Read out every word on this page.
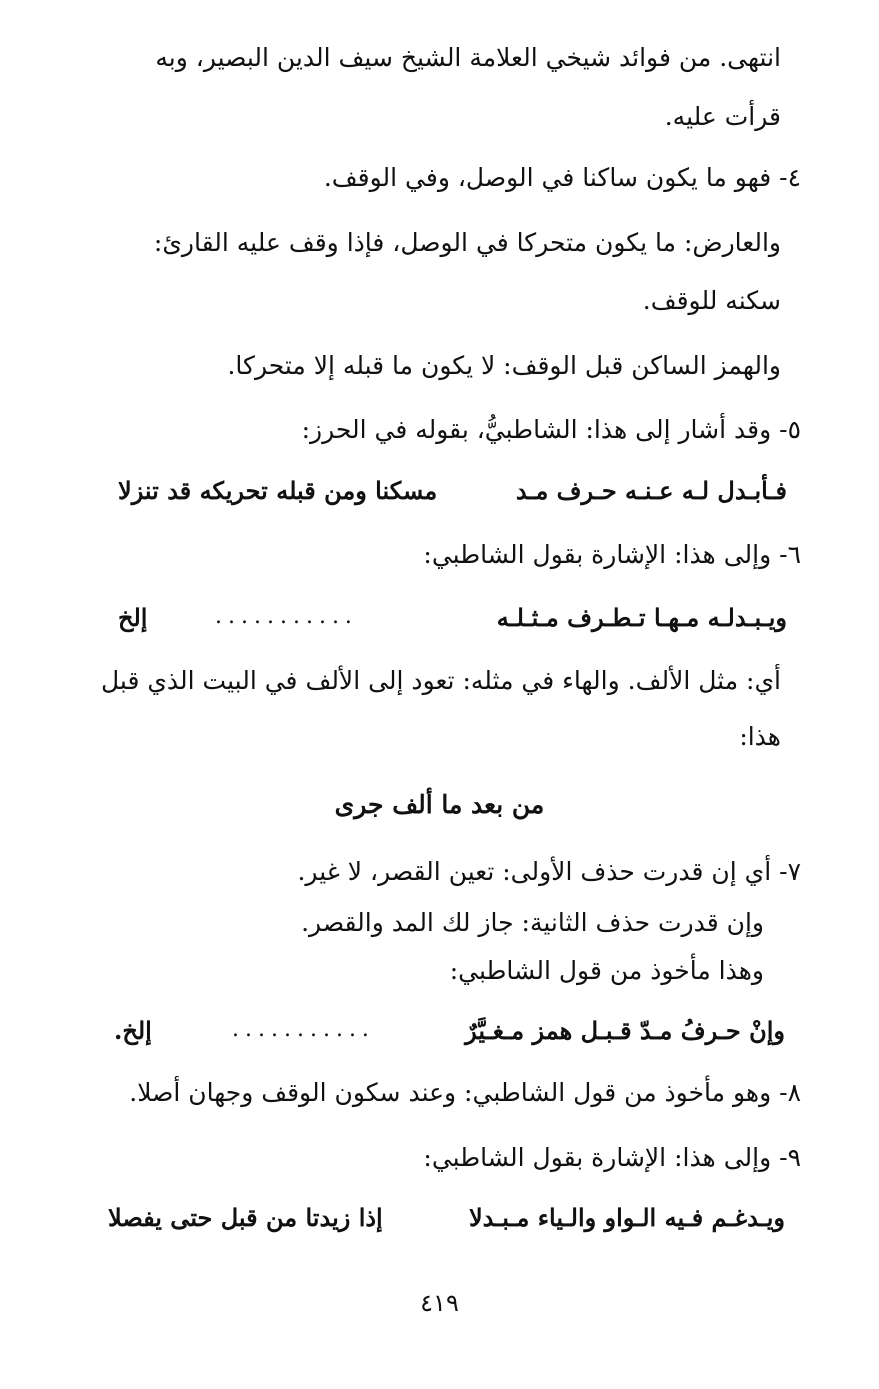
انتهى. من فوائد شيخي العلامة الشيخ سيف الدين البصير، وبه
قرأت عليه.
٤- فهو ما يكون ساكنا في الوصل، وفي الوقف.
والعارض: ما يكون متحركا في الوصل، فإذا وقف عليه القارئ:
سكنه للوقف.
والهمز الساكن قبل الوقف: لا يكون ما قبله إلا متحركا.
٥- وقد أشار إلى هذا: الشاطبيُّ، بقوله في الحرز:
فـأبـدل لـه عـنـه حـرف مـد
مسكنا ومن قبله تحريكه قد تنزلا
٦- وإلى هذا: الإشارة بقول الشاطبي:
ويـبـدلـه مـهـا تـطـرف مـثـلـه
...........
إلخ
أي: مثل الألف. والهاء في مثله: تعود إلى الألف في البيت الذي قبل
هذا:
من بعد ما ألف جرى
٧- أي إن قدرت حذف الأولى: تعين القصر، لا غير.
وإن قدرت حذف الثانية: جاز لك المد والقصر.
وهذا مأخوذ من قول الشاطبي:
وإنْ حـرفُ مـدّ قـبـل همز مـغـيَّرٌ
...........
إلخ.
٨- وهو مأخوذ من قول الشاطبي: وعند سكون الوقف وجهان أصلا.
٩- وإلى هذا: الإشارة بقول الشاطبي:
ويـدغـم فـيه الـواو والـياء مـبـدلا
إذا زيدتا من قبل حتى يفصلا
٤١٩
